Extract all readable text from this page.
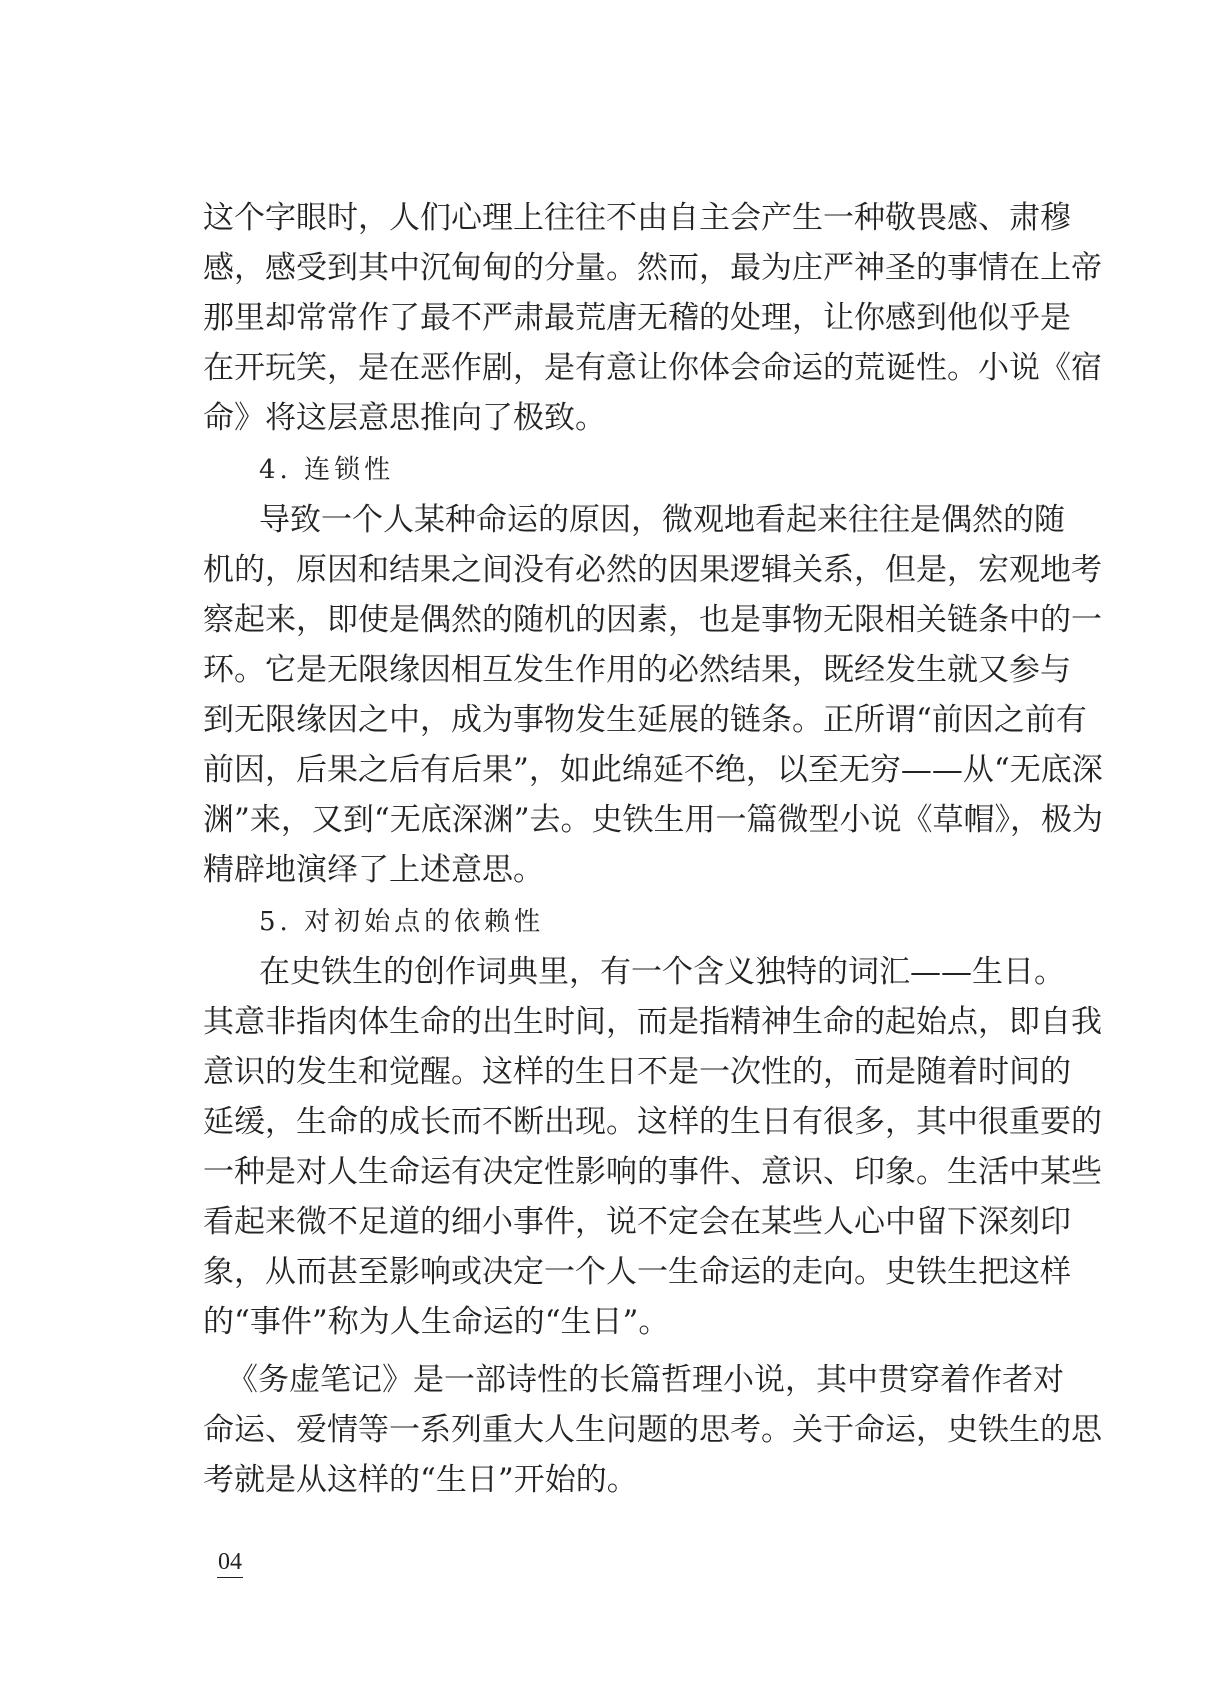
这个字眼时，人们心理上往往不由自主会产生一种敬畏感、肃穆
感，感受到其中沉甸甸的分量。然而，最为庄严神圣的事情在上帝
那里却常常作了最不严肃最荒唐无稽的处理，让你感到他似乎是
在开玩笑，是在恶作剧，是有意让你体会命运的荒诞性。小说《宿
命》将这层意思推向了极致。
4. 连锁性
导致一个人某种命运的原因，微观地看起来往往是偶然的随
机的，原因和结果之间没有必然的因果逻辑关系，但是，宏观地考
察起来，即使是偶然的随机的因素，也是事物无限相关链条中的一
环。它是无限缘因相互发生作用的必然结果，既经发生就又参与
到无限缘因之中，成为事物发生延展的链条。正所谓“前因之前有
前因，后果之后有后果”，如此绵延不绝，以至无穷——从“无底深
渊”来，又到“无底深渊”去。史铁生用一篇微型小说《草帽》，极为
精辟地演绎了上述意思。
5. 对初始点的依赖性
在史铁生的创作词典里，有一个含义独特的词汇——生日。
其意非指肉体生命的出生时间，而是指精神生命的起始点，即自我
意识的发生和觉醒。这样的生日不是一次性的，而是随着时间的
延缓，生命的成长而不断出现。这样的生日有很多，其中很重要的
一种是对人生命运有决定性影响的事件、意识、印象。生活中某些
看起来微不足道的细小事件，说不定会在某些人心中留下深刻印
象，从而甚至影响或决定一个人一生命运的走向。史铁生把这样
的“事件”称为人生命运的“生日”。
《务虚笔记》是一部诗性的长篇哲理小说，其中贯穿着作者对
命运、爱情等一系列重大人生问题的思考。关于命运，史铁生的思
考就是从这样的“生日”开始的。
04
